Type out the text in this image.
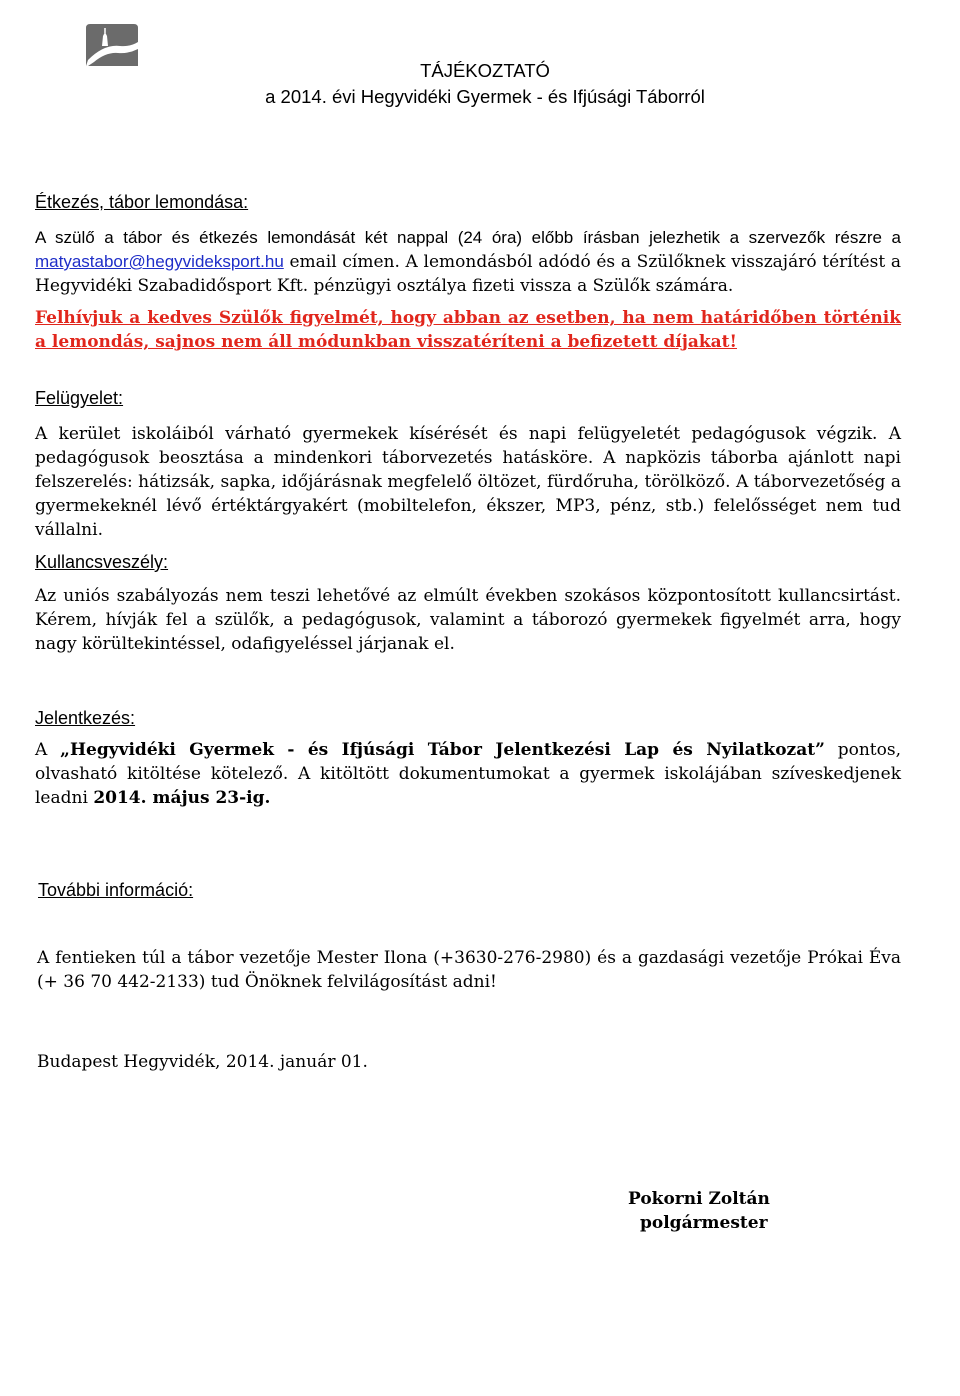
TÁJÉKOZTATÓ
a 2014. évi Hegyvidéki Gyermek - és Ifjúsági Táborról
Étkezés, tábor lemondása:
A szülő a tábor és étkezés lemondását két nappal (24 óra) előbb írásban jelezhetik a szervezők részre a matyastabor@hegyvideksport.hu email címen. A lemondásból adódó és a Szülőknek visszajáró térítést a Hegyvidéki Szabadidősport Kft. pénzügyi osztálya fizeti vissza a Szülők számára.
Felhívjuk a kedves Szülők figyelmét, hogy abban az esetben, ha nem határidőben történik a lemondás, sajnos nem áll módunkban visszatéríteni a befizetett díjakat!
Felügyelet:
A kerület iskoláiból várható gyermekek kísérését és napi felügyeletét pedagógusok végzik. A pedagógusok beosztása a mindenkori táborvezetés hatásköre. A napközis táborba ajánlott napi felszerelés: hátizsák, sapka, időjárásnak megfelelő öltözet, fürdőruha, törölköző. A táborvezetőség a gyermekeknél lévő értéktárgyakért (mobiltelefon, ékszer, MP3, pénz, stb.) felelősséget nem tud vállalni.
Kullancsveszély:
Az uniós szabályozás nem teszi lehetővé az elmúlt években szokásos központosított kullancsirtást. Kérem, hívják fel a szülők, a pedagógusok, valamint a táborozó gyermekek figyelmét arra, hogy nagy körültekintéssel, odafigyeléssel járjanak el.
Jelentkezés:
A „Hegyvidéki Gyermek - és Ifjúsági Tábor Jelentkezési Lap és Nyilatkozat” pontos, olvasható kitöltése kötelező. A kitöltött dokumentumokat a gyermek iskolájában szíveskedjenek leadni 2014. május 23-ig.
További információ:
A fentieken túl a tábor vezetője Mester Ilona (+3630-276-2980) és a gazdasági vezetője Prókai Éva (+ 36 70 442-2133) tud Önöknek felvilágosítást adni!
Budapest Hegyvidék, 2014. január 01.
Pokorni Zoltán
polgármester
